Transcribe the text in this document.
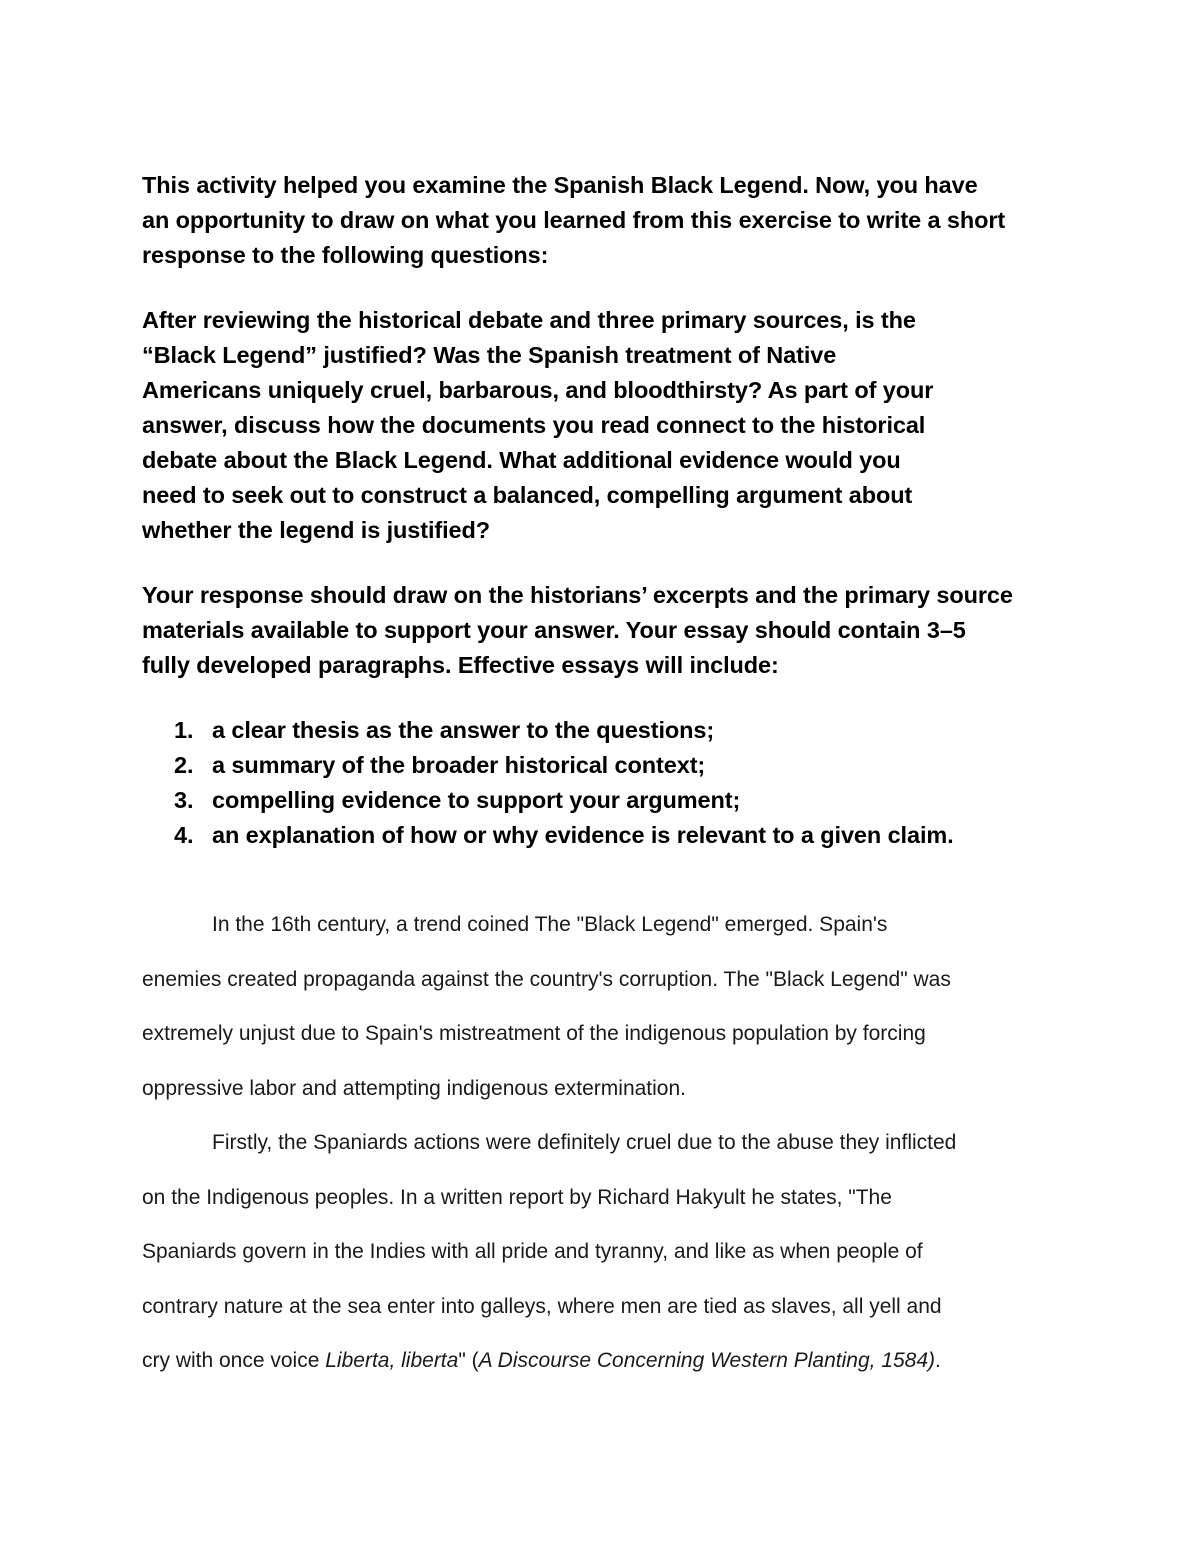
This activity helped you examine the Spanish Black Legend. Now, you have
an opportunity to draw on what you learned from this exercise to write a short
response to the following questions:

After reviewing the historical debate and three primary sources, is the
“Black Legend” justified? Was the Spanish treatment of Native
Americans uniquely cruel, barbarous, and bloodthirsty? As part of your
answer, discuss how the documents you read connect to the historical
debate about the Black Legend. What additional evidence would you
need to seek out to construct a balanced, compelling argument about
whether the legend is justified?

Your response should draw on the historians’ excerpts and the primary source
materials available to support your answer. Your essay should contain 3–5
fully developed paragraphs. Effective essays will include:

1. a clear thesis as the answer to the questions;
2. a summary of the broader historical context;
3. compelling evidence to support your argument;
4. an explanation of how or why evidence is relevant to a given claim.

In the 16th century, a trend coined The "Black Legend" emerged. Spain's
enemies created propaganda against the country's corruption. The "Black Legend" was
extremely unjust due to Spain's mistreatment of the indigenous population by forcing
oppressive labor and attempting indigenous extermination.

Firstly, the Spaniards actions were definitely cruel due to the abuse they inflicted
on the Indigenous peoples. In a written report by Richard Hakyult he states, "The
Spaniards govern in the Indies with all pride and tyranny, and like as when people of
contrary nature at the sea enter into galleys, where men are tied as slaves, all yell and
cry with once voice Liberta, liberta" (A Discourse Concerning Western Planting, 1584).
